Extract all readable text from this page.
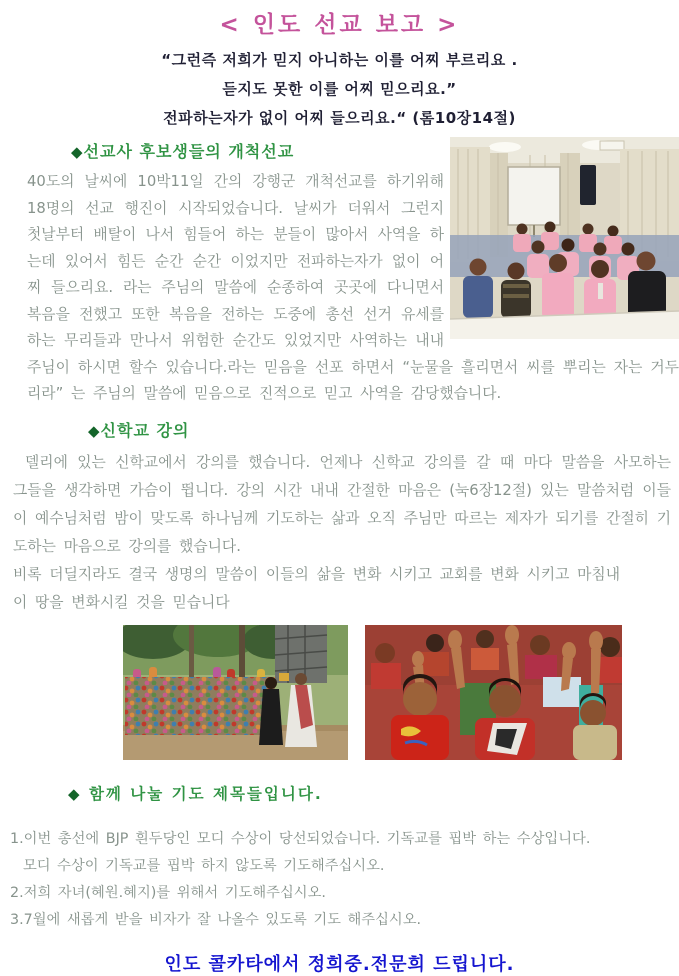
< 인도 선교 보고 >
“그런즉 저희가 믿지 아니하는 이를 어찌 부르리요 .
듣지도 못한 이를 어찌 믿으리요.”
전파하는자가 없이 어찌 들으리요.“ (롬10장14절)
◆선교사 후보생들의 개척선교

40도의 날씨에 10박11일 간의 강행군 개척선교를 하기위해 18명의 선교 행진이 시작되었습니다. 날씨가 더워서 그런지 첫날부터 배탈이 나서 힘들어 하는 분들이 많아서 사역을 하는데 있어서 힘든 순간 순간 이었지만 전파하는자가 없이 어찌 들으리요. 라는 주님의 말씀에 순종하여 곳곳에 다니면서 복음을 전했고 또한 복음을 전하는 도중에 총선 선거 유세를 하는 무리들과 만나서 위험한 순간도 있었지만 사역하는 내내 주님이 하시면 할수 있습니다.라는 믿음을 선포 하면서 “눈물을 흘리면서 씨를 뿌리는 자는 거두리라” 는 주님의 말씀에 믿음으로 진적으로 믿고 사역을 감당했습니다.

◆신학교 강의

델리에 있는 신학교에서 강의를 했습니다. 언제나 신학교 강의를 갈 때 마다 말씀을 사모하는 그들을 생각하면 가슴이 뜁니다. 강의 시간 내내 간절한 마음은 (눅6장12절) 있는 말씀처럼 이들이 예수님처럼 밤이 맞도록 하나님께 기도하는 삶과 오직 주님만 따르는 제자가 되기를 간절히 기도하는 마음으로 강의를 했습니다.

비록 더딜지라도 결국 생명의 말씀이 이들의 삶을 변화 시키고 교회를 변화 시키고 마침내

이 땅을 변화시킬 것을 믿습니다

◆ 함께 나눌 기도 제목들입니다.
1.이번 총선에 BJP 흰두당인 모디 수상이 당선되었습니다. 기독교를 핍박 하는 수상입니다.
모디 수상이 기독교를 핍박 하지 않도록 기도해주십시오.
2.저희 자녀(혜원.혜지)를 위해서 기도해주십시오.
3.7월에 새롭게 받을 비자가 잘 나올수 있도록 기도 해주십시오.
인도 콜카타에서 정희중.전문희 드립니다.
